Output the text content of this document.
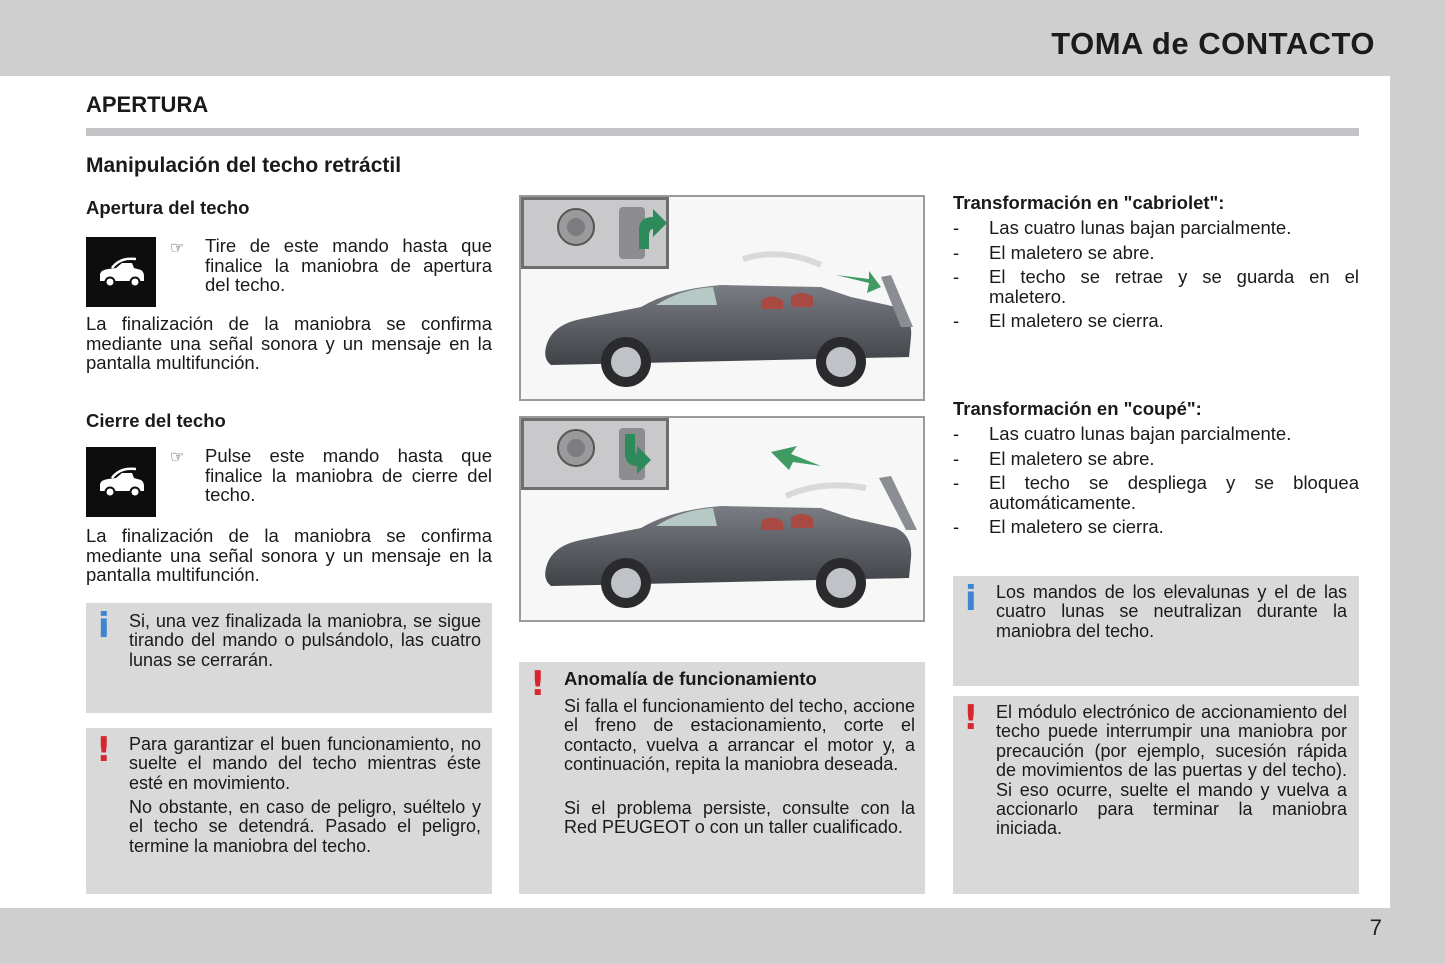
TOMA de CONTACTO
7
APERTURA
Manipulación del techo retráctil
Apertura del techo
☞ Tire de este mando hasta que finalice la maniobra de apertura del techo.
La finalización de la maniobra se confirma mediante una señal sonora y un mensaje en la pantalla multifunción.
Cierre del techo
☞ Pulse este mando hasta que finalice la maniobra de cierre del techo.
La finalización de la maniobra se confirma mediante una señal sonora y un mensaje en la pantalla multifunción.
i Si, una vez finalizada la maniobra, se sigue tirando del mando o pulsándolo, las cuatro lunas se cerrarán.
! Para garantizar el buen funcionamiento, no suelte el mando del techo mientras éste esté en movimiento.
No obstante, en caso de peligro, suéltelo y el techo se detendrá. Pasado el peligro, termine la maniobra del techo.
! Anomalía de funcionamiento
Si falla el funcionamiento del techo, accione el freno de estacionamiento, corte el contacto, vuelva a arrancar el motor y, a continuación, repita la maniobra deseada.
Si el problema persiste, consulte con la Red PEUGEOT o con un taller cualificado.
Transformación en "cabriolet":
- Las cuatro lunas bajan parcialmente.
- El maletero se abre.
- El techo se retrae y se guarda en el maletero.
- El maletero se cierra.
Transformación en "coupé":
- Las cuatro lunas bajan parcialmente.
- El maletero se abre.
- El techo se despliega y se bloquea automáticamente.
- El maletero se cierra.
i Los mandos de los elevalunas y el de las cuatro lunas se neutralizan durante la maniobra del techo.
! El módulo electrónico de accionamiento del techo puede interrumpir una maniobra por precaución (por ejemplo, sucesión rápida de movimientos de las puertas y del techo). Si eso ocurre, suelte el mando y vuelva a accionarlo para terminar la maniobra iniciada.
